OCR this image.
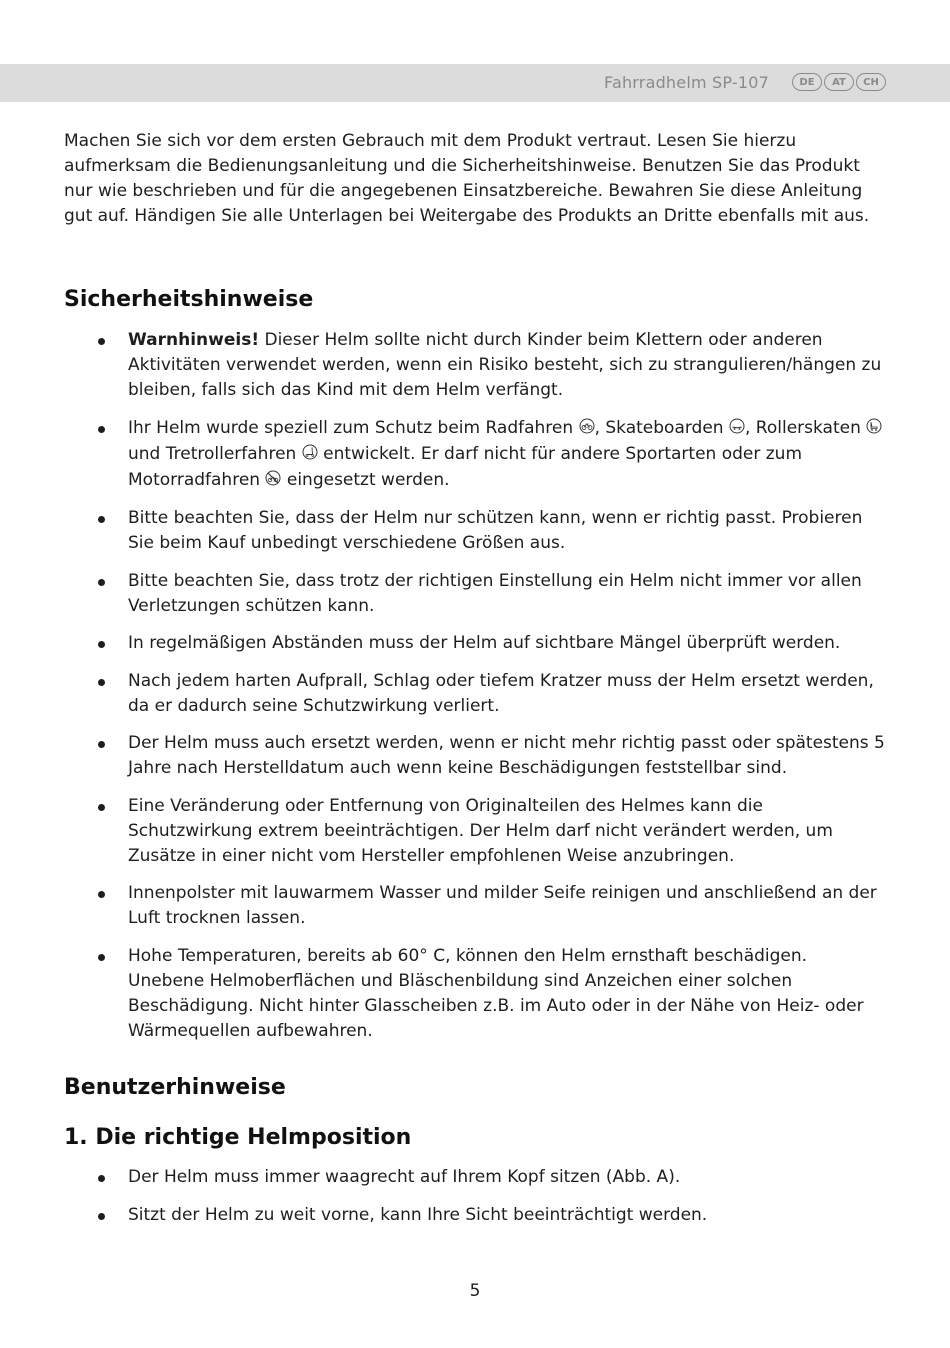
Fahrradhelm SP-107	DE	AT	CH

Machen Sie sich vor dem ersten Gebrauch mit dem Produkt vertraut. Lesen Sie hierzu aufmerksam die Bedienungsanleitung und die Sicherheitshinweise. Benutzen Sie das Produkt nur wie beschrieben und für die angegebenen Einsatzbereiche. Bewahren Sie diese Anleitung gut auf. Händigen Sie alle Unterlagen bei Weitergabe des Produkts an Dritte ebenfalls mit aus.

Sicherheitshinweise
Warnhinweis! Dieser Helm sollte nicht durch Kinder beim Klettern oder anderen Aktivitäten verwendet werden, wenn ein Risiko besteht, sich zu strangulieren/hängen zu bleiben, falls sich das Kind mit dem Helm verfängt.
Ihr Helm wurde speziell zum Schutz beim Radfahren , Skateboarden , Rollerskaten  und Tretrollerfahren  entwickelt. Er darf nicht für andere Sportarten oder zum Motorradfahren  eingesetzt werden.
Bitte beachten Sie, dass der Helm nur schützen kann, wenn er richtig passt. Probieren Sie beim Kauf unbedingt verschiedene Größen aus.
Bitte beachten Sie, dass trotz der richtigen Einstellung ein Helm nicht immer vor allen Verletzungen schützen kann.
In regelmäßigen Abständen muss der Helm auf sichtbare Mängel überprüft werden.
Nach jedem harten Aufprall, Schlag oder tiefem Kratzer muss der Helm ersetzt werden, da er dadurch seine Schutzwirkung verliert.
Der Helm muss auch ersetzt werden, wenn er nicht mehr richtig passt oder spätestens 5 Jahre nach Herstelldatum auch wenn keine Beschädigungen feststellbar sind.
Eine Veränderung oder Entfernung von Originalteilen des Helmes kann die Schutzwirkung extrem beeinträchtigen. Der Helm darf nicht verändert werden, um Zusätze in einer nicht vom Hersteller empfohlenen Weise anzubringen.
Innenpolster mit lauwarmem Wasser und milder Seife reinigen und anschließend an der Luft trocknen lassen.
Hohe Temperaturen, bereits ab 60° C, können den Helm ernsthaft beschädigen. Unebene Helmoberflächen und Bläschenbildung sind Anzeichen einer solchen Beschädigung. Nicht hinter Glasscheiben z.B. im Auto oder in der Nähe von Heiz- oder Wärmequellen aufbewahren.
Benutzerhinweise
1. Die richtige Helmposition
Der Helm muss immer waagrecht auf Ihrem Kopf sitzen (Abb. A).
Sitzt der Helm zu weit vorne, kann Ihre Sicht beeinträchtigt werden.
5
